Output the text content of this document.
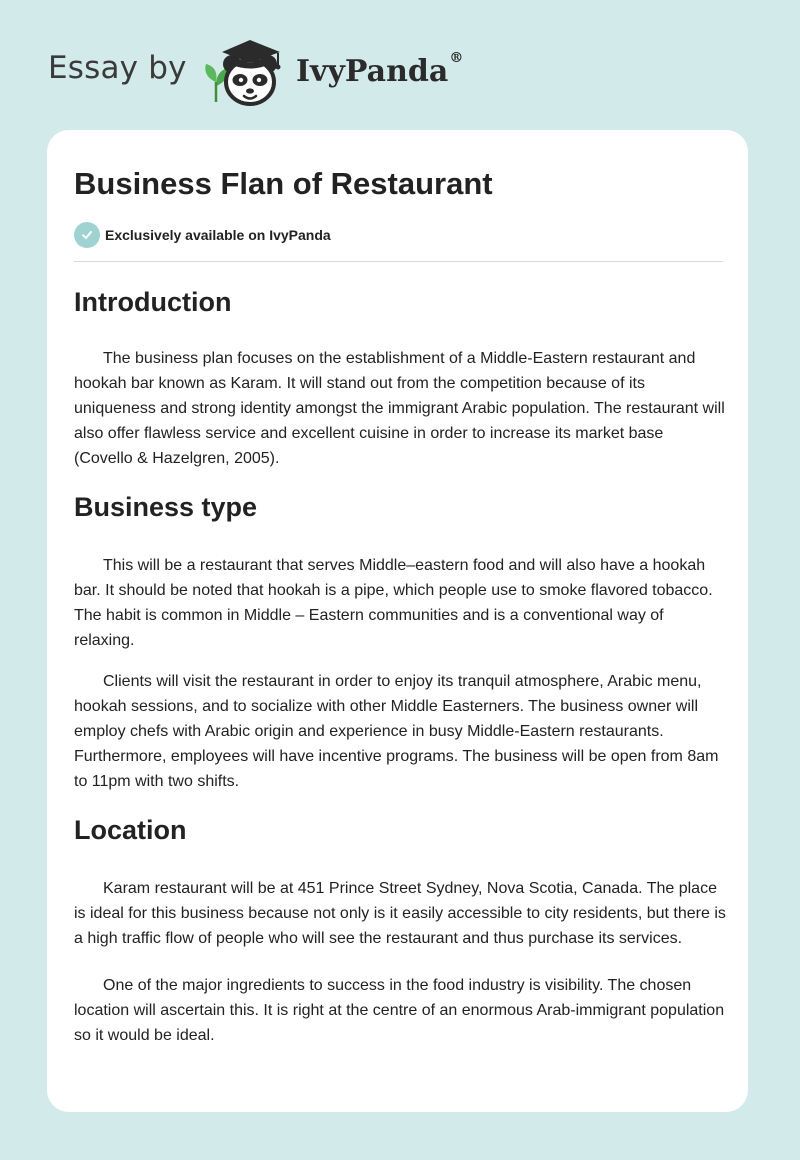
Essay by	IvyPanda®
Business Flan of Restaurant
Exclusively available on IvyPanda
Introduction

The business plan focuses on the establishment of a Middle-Eastern restaurant and hookah bar known as Karam. It will stand out from the competition because of its uniqueness and strong identity amongst the immigrant Arabic population. The restaurant will also offer flawless service and excellent cuisine in order to increase its market base (Covello & Hazelgren, 2005).

Business type

This will be a restaurant that serves Middle–eastern food and will also have a hookah bar. It should be noted that hookah is a pipe, which people use to smoke flavored tobacco. The habit is common in Middle – Eastern communities and is a conventional way of relaxing.

Clients will visit the restaurant in order to enjoy its tranquil atmosphere, Arabic menu, hookah sessions, and to socialize with other Middle Easterners. The business owner will employ chefs with Arabic origin and experience in busy Middle-Eastern restaurants. Furthermore, employees will have incentive programs. The business will be open from 8am to 11pm with two shifts.

Location

Karam restaurant will be at 451 Prince Street Sydney, Nova Scotia, Canada. The place is ideal for this business because not only is it easily accessible to city residents, but there is a high traffic flow of people who will see the restaurant and thus purchase its services.

One of the major ingredients to success in the food industry is visibility. The chosen location will ascertain this. It is right at the centre of an enormous Arab-immigrant population so it would be ideal.
